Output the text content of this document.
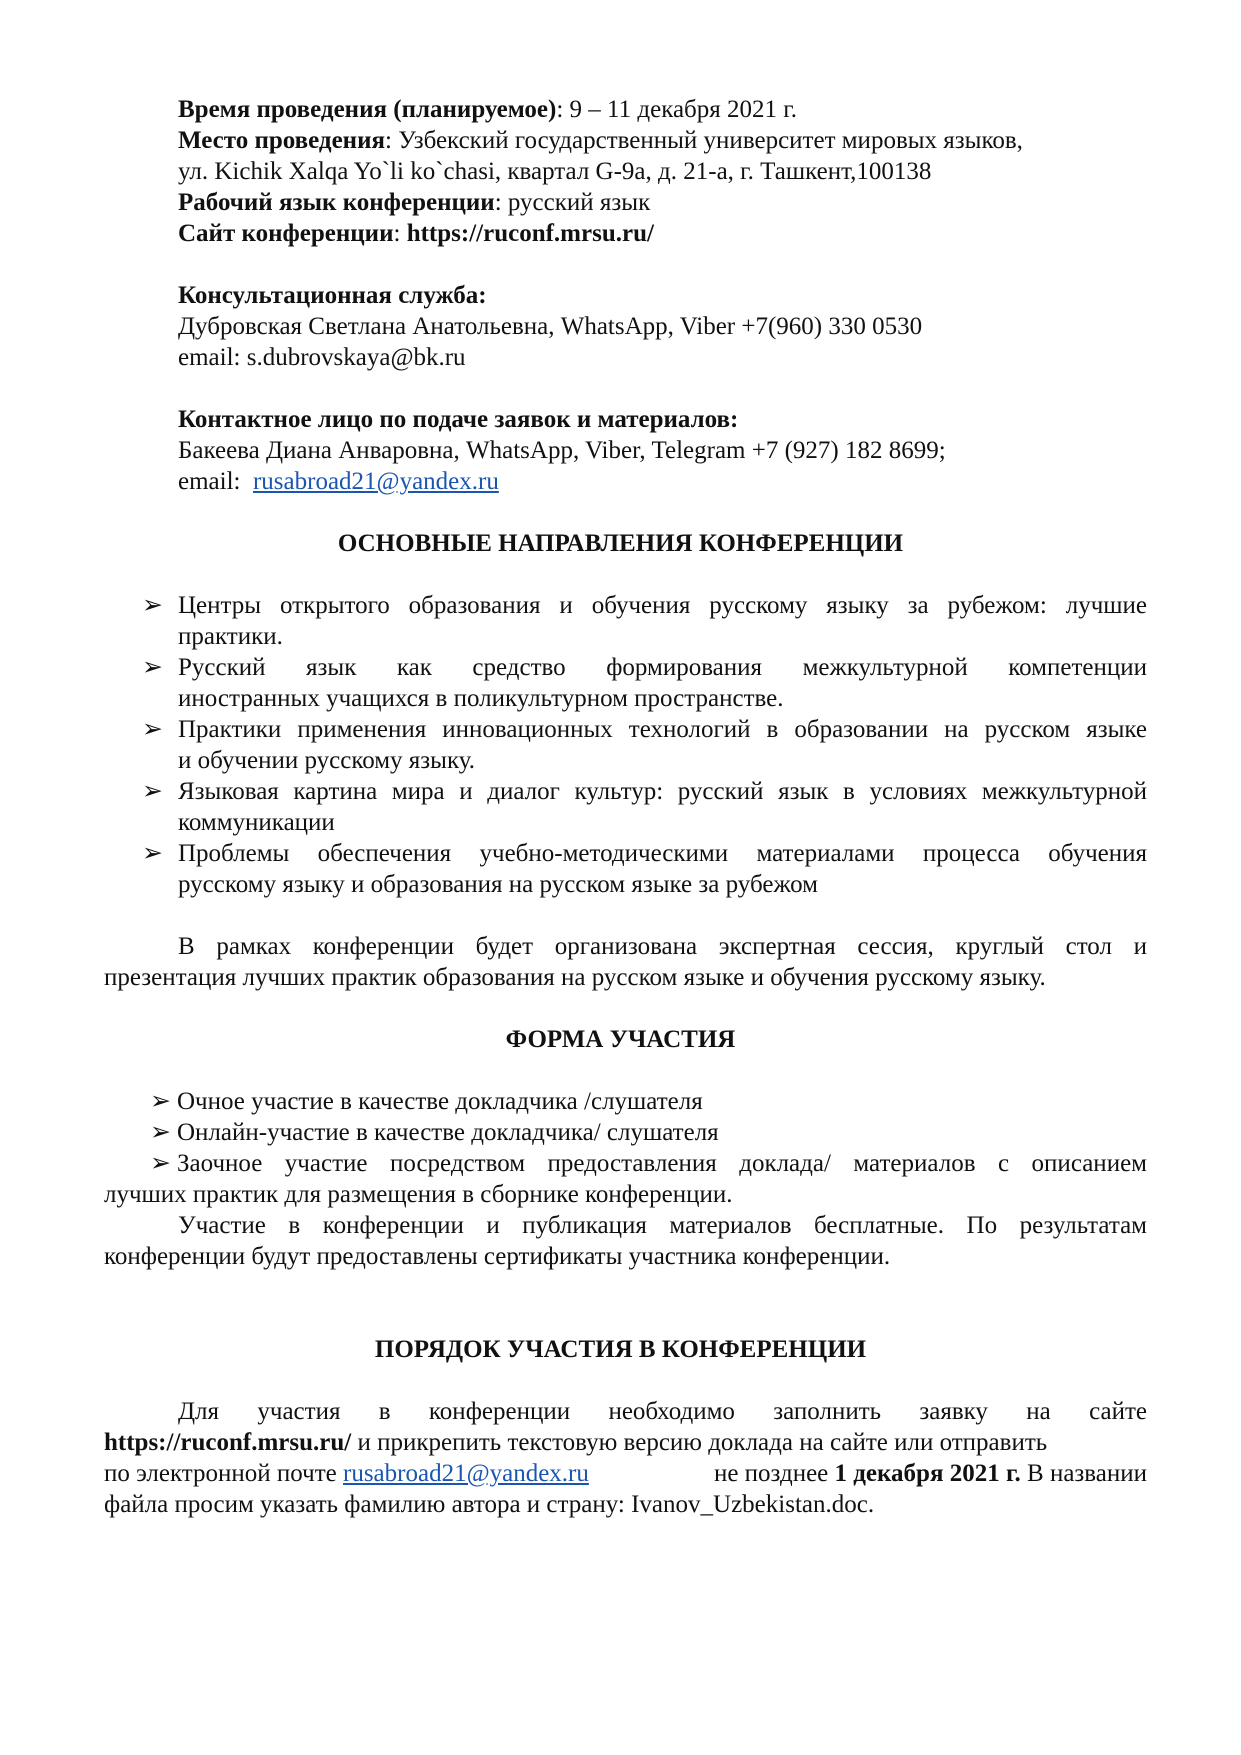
Время проведения (планируемое): 9 – 11 декабря 2021 г.

Место проведения: Узбекский государственный университет мировых языков,

ул. Kichik Xalqa Yo`li ko`chasi, квартал G-9a, д. 21-а, г. Ташкент,100138

Рабочий язык конференции: русский язык

Сайт конференции: https://ruconf.mrsu.ru/

Консультационная служба:

Дубровская Светлана Анатольевна, WhatsApp, Viber +7(960) 330 0530

email: s.dubrovskaya@bk.ru

Контактное лицо по подаче заявок и материалов:

Бакеева Диана Анваровна, WhatsApp, Viber, Telegram +7 (927) 182 8699;

email: rusabroad21@yandex.ru

ОСНОВНЫЕ НАПРАВЛЕНИЯ КОНФЕРЕНЦИИ

➢ Центры открытого образования и обучения русскому языку за рубежом: лучшие

практики.

➢ Русский язык как средство формирования межкультурной компетенции

иностранных учащихся в поликультурном пространстве.

➢ Практики применения инновационных технологий в образовании на русском языке

и обучении русскому языку.

➢ Языковая картина мира и диалог культур: русский язык в условиях межкультурной

коммуникации

➢ Проблемы обеспечения учебно-методическими материалами процесса обучения

русскому языку и образования на русском языке за рубежом

В рамках конференции будет организована экспертная сессия, круглый стол и

презентация лучших практик образования на русском языке и обучения русскому языку.

ФОРМА УЧАСТИЯ

➢ Очное участие в качестве докладчика /слушателя

➢ Онлайн-участие в качестве докладчика/ слушателя

➢ Заочное участие посредством предоставления доклада/ материалов с описанием

лучших практик для размещения в сборнике конференции.

Участие в конференции и публикация материалов бесплатные. По результатам

конференции будут предоставлены сертификаты участника конференции.

ПОРЯДОК УЧАСТИЯ В КОНФЕРЕНЦИИ

Для участия в конференции необходимо заполнить заявку на сайте

https://ruconf.mrsu.ru/ и прикрепить текстовую версию доклада на сайте или отправить

по электронной почте rusabroad21@yandex.ru	не позднее 1 декабря 2021 г. В названии

файла просим указать фамилию автора и страну: Ivanov_Uzbekistan.doc.
